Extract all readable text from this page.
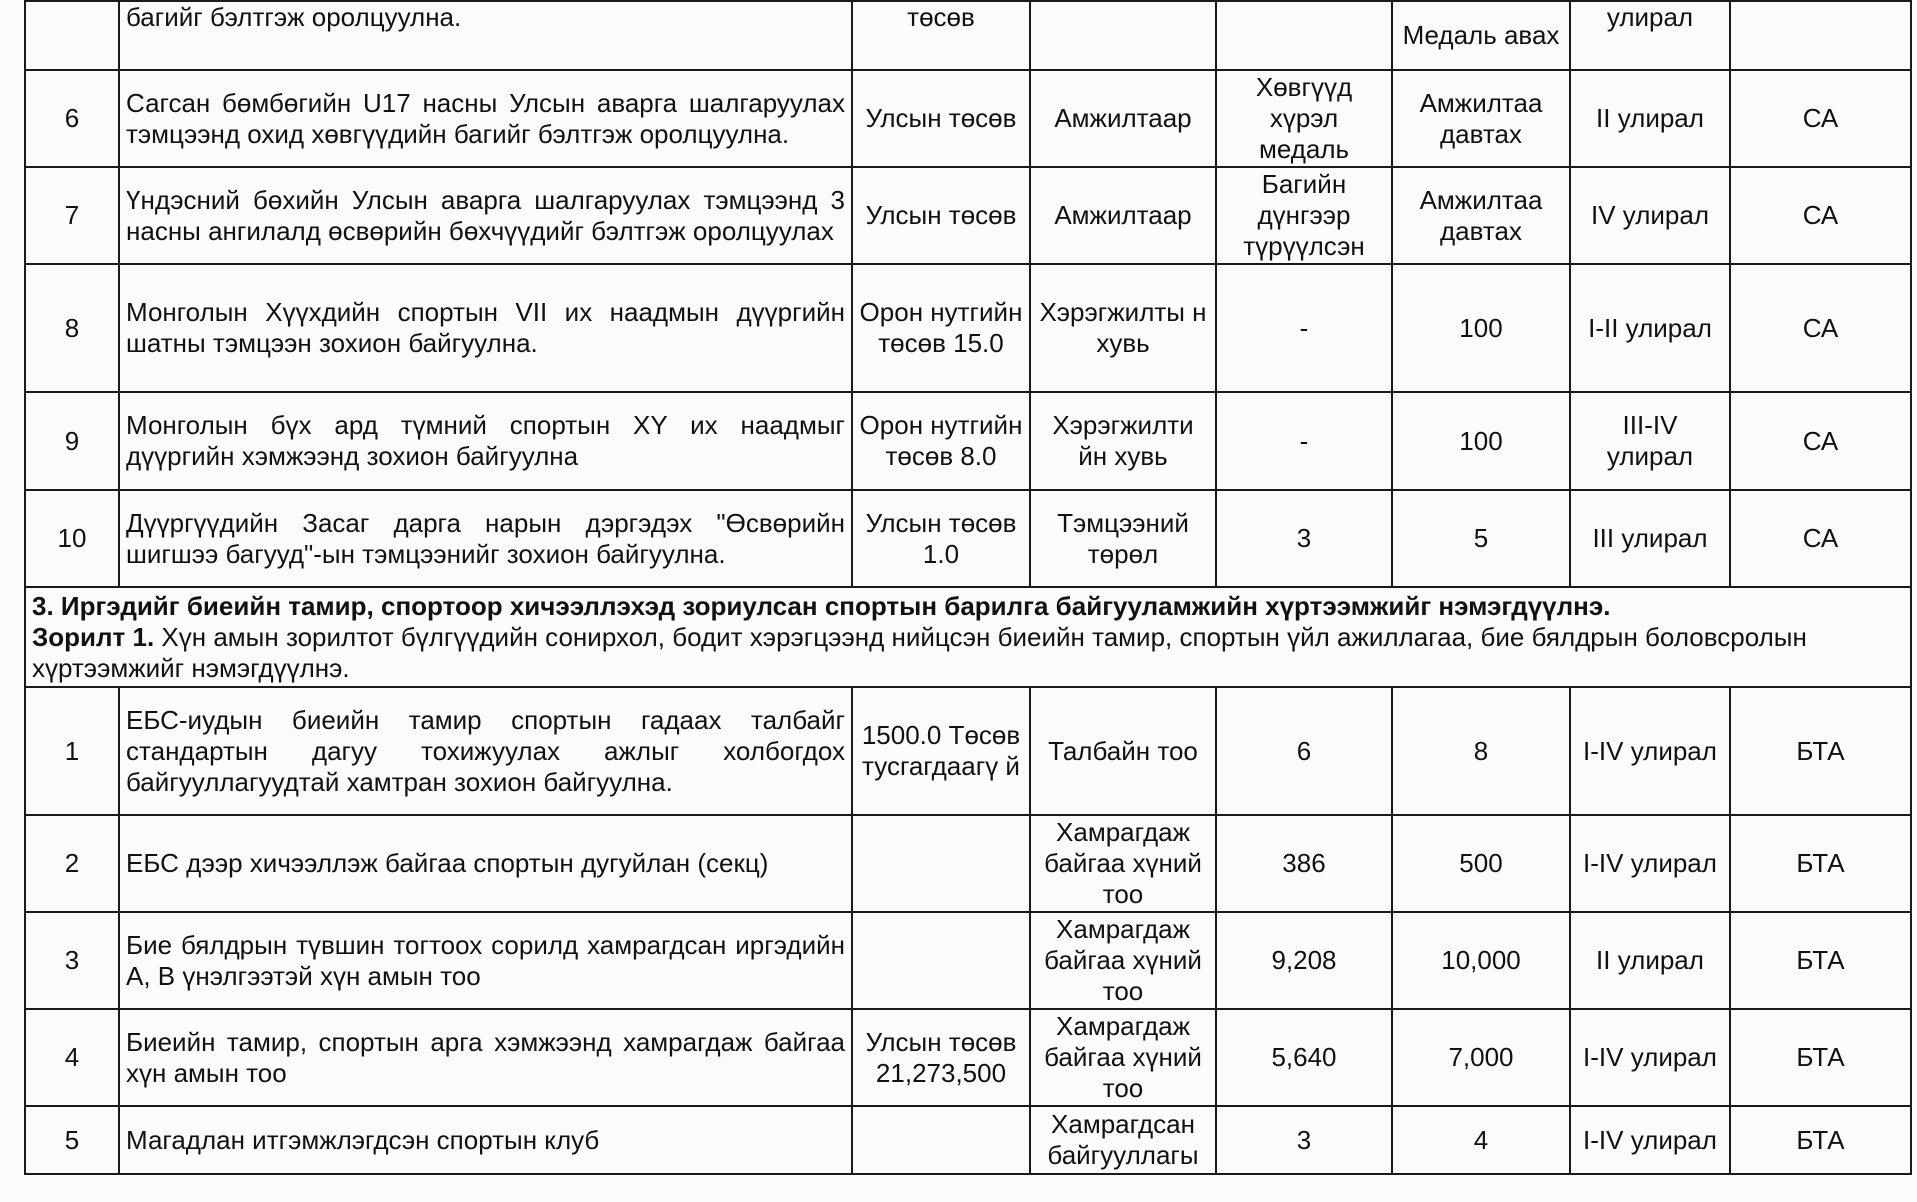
	багийг бэлтгэж оролцуулна.	төсөв			Медаль авах	улирал	
6	Сагсан бөмбөгийн U17 насны Улсын аварга шалгаруулах тэмцээнд охид хөвгүүдийн багийг бэлтгэж оролцуулна.	Улсын төсөв	Амжилтаар	Хөвгүүд хүрэл медаль	Амжилтаа давтах	II улирал	СА
7	Үндэсний бөхийн Улсын аварга шалгаруулах тэмцээнд 3 насны ангилалд өсвөрийн бөхчүүдийг бэлтгэж оролцуулах	Улсын төсөв	Амжилтаар	Багийн дүнгээр түрүүлсэн	Амжилтаа давтах	IV улирал	СА
8	Монголын Хүүхдийн спортын VII их наадмын дүүргийн шатны тэмцээн зохион байгуулна.	Орон нутгийн төсөв 15.0	Хэрэгжилты н хувь	-	100	I-II улирал	СА
9	Монголын бүх ард түмний спортын XY их наадмыг дүүргийн хэмжээнд зохион байгуулна	Орон нутгийн төсөв 8.0	Хэрэгжилти йн хувь	-	100	III-IV улирал	СА
10	Дүүргүүдийн Засаг дарга нарын дэргэдэх "Өсвөрийн шигшээ багууд"-ын тэмцээнийг зохион байгуулна.	Улсын төсөв 1.0	Тэмцээний төрөл	3	5	III улирал	СА

3. Иргэдийг биеийн тамир, спортоор хичээллэхэд зориулсан спортын барилга байгууламжийн хүртээмжийг нэмэгдүүлнэ.
Зорилт 1. Хүн амын зорилтот бүлгүүдийн сонирхол, бодит хэрэгцээнд нийцсэн биеийн тамир, спортын үйл ажиллагаа, бие бялдрын боловсролын хүртээмжийг нэмэгдүүлнэ.							

1	ЕБС-иудын биеийн тамир спортын гадаах талбайг стандартын дагуу тохижуулах ажлыг холбогдох байгууллагуудтай хамтран зохион байгуулна.	1500.0 Төсөв тусгагдаагү й	Талбайн тоо	6	8	I-IV улирал	БТА
2	ЕБС дээр хичээллэж байгаа спортын дугуйлан (секц)		Хамрагдаж байгаа хүний тоо	386	500	I-IV улирал	БТА
3	Бие бялдрын түвшин тогтоох сорилд хамрагдсан иргэдийн А, В үнэлгээтэй хүн амын тоо		Хамрагдаж байгаа хүний тоо	9,208	10,000	II улирал	БТА
4	Биеийн тамир, спортын арга хэмжээнд хамрагдаж байгаа хүн амын тоо	Улсын төсөв 21,273,500	Хамрагдаж байгаа хүний тоо	5,640	7,000	I-IV улирал	БТА
5	Магадлан итгэмжлэгдсэн спортын клуб		Хамрагдсан байгууллагы	3	4	I-IV улирал	БТА
